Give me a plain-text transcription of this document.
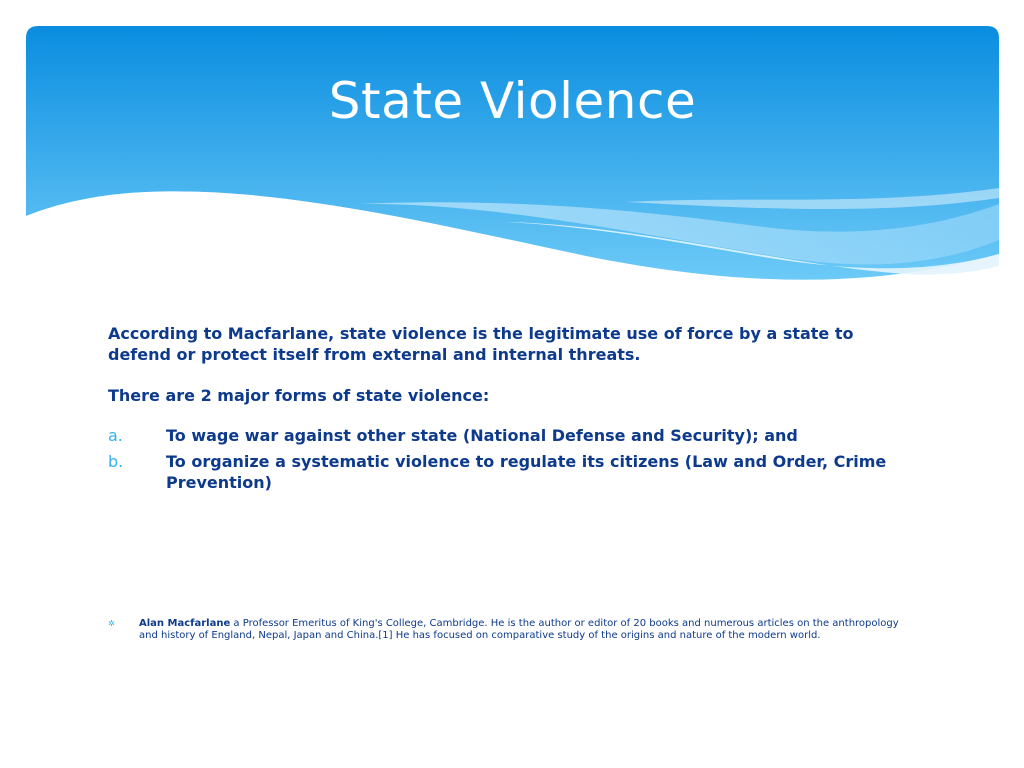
State Violence

According to Macfarlane, state violence is the legitimate use of force by a state to defend or protect itself from external and internal threats.

There are 2 major forms of state violence:

a.	To wage war against other state (National Defense and Security); and
b.	To organize a systematic violence to regulate its citizens (Law and Order, Crime Prevention)
✲	Alan Macfarlane a Professor Emeritus of King's College, Cambridge. He is the author or editor of 20 books and numerous articles on the anthropology and history of England, Nepal, Japan and China.[1] He has focused on comparative study of the origins and nature of the modern world.
